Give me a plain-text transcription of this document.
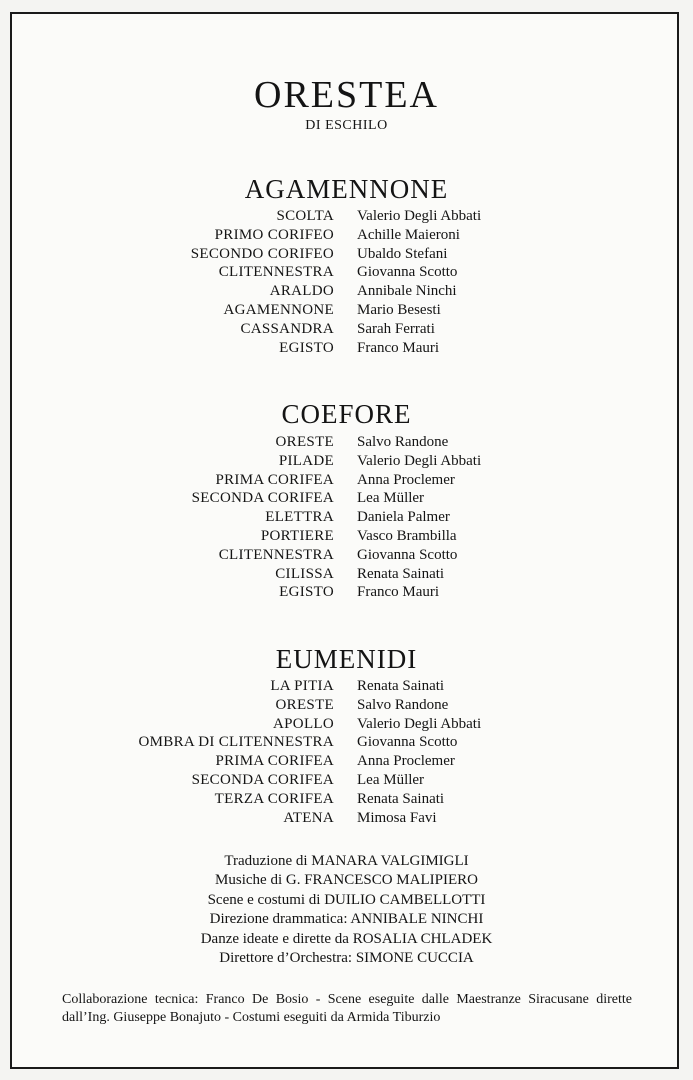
ORESTEA
DI ESCHILO
AGAMENNONE
SCOLTA Valerio Degli Abbati
PRIMO CORIFEO Achille Maieroni
SECONDO CORIFEO Ubaldo Stefani
CLITENNESTRA Giovanna Scotto
ARALDO Annibale Ninchi
AGAMENNONE Mario Besesti
CASSANDRA Sarah Ferrati
EGISTO Franco Mauri
COEFORE
ORESTE Salvo Randone
PILADE Valerio Degli Abbati
PRIMA CORIFEA Anna Proclemer
SECONDA CORIFEA Lea Müller
ELETTRA Daniela Palmer
PORTIERE Vasco Brambilla
CLITENNESTRA Giovanna Scotto
CILISSA Renata Sainati
EGISTO Franco Mauri
EUMENIDI
LA PITIA Renata Sainati
ORESTE Salvo Randone
APOLLO Valerio Degli Abbati
OMBRA DI CLITENNESTRA Giovanna Scotto
PRIMA CORIFEA Anna Proclemer
SECONDA CORIFEA Lea Müller
TERZA CORIFEA Renata Sainati
ATENA Mimosa Favi
Traduzione di MANARA VALGIMIGLI
Musiche di G. FRANCESCO MALIPIERO
Scene e costumi di DUILIO CAMBELLOTTI
Direzione drammatica: ANNIBALE NINCHI
Danze ideate e dirette da ROSALIA CHLADEK
Direttore d’Orchestra: SIMONE CUCCIA
Collaborazione tecnica: Franco De Bosio - Scene eseguite dalle Maestranze Siracusane dirette dall’Ing. Giuseppe Bonajuto - Costumi eseguiti da Armida Tiburzio
